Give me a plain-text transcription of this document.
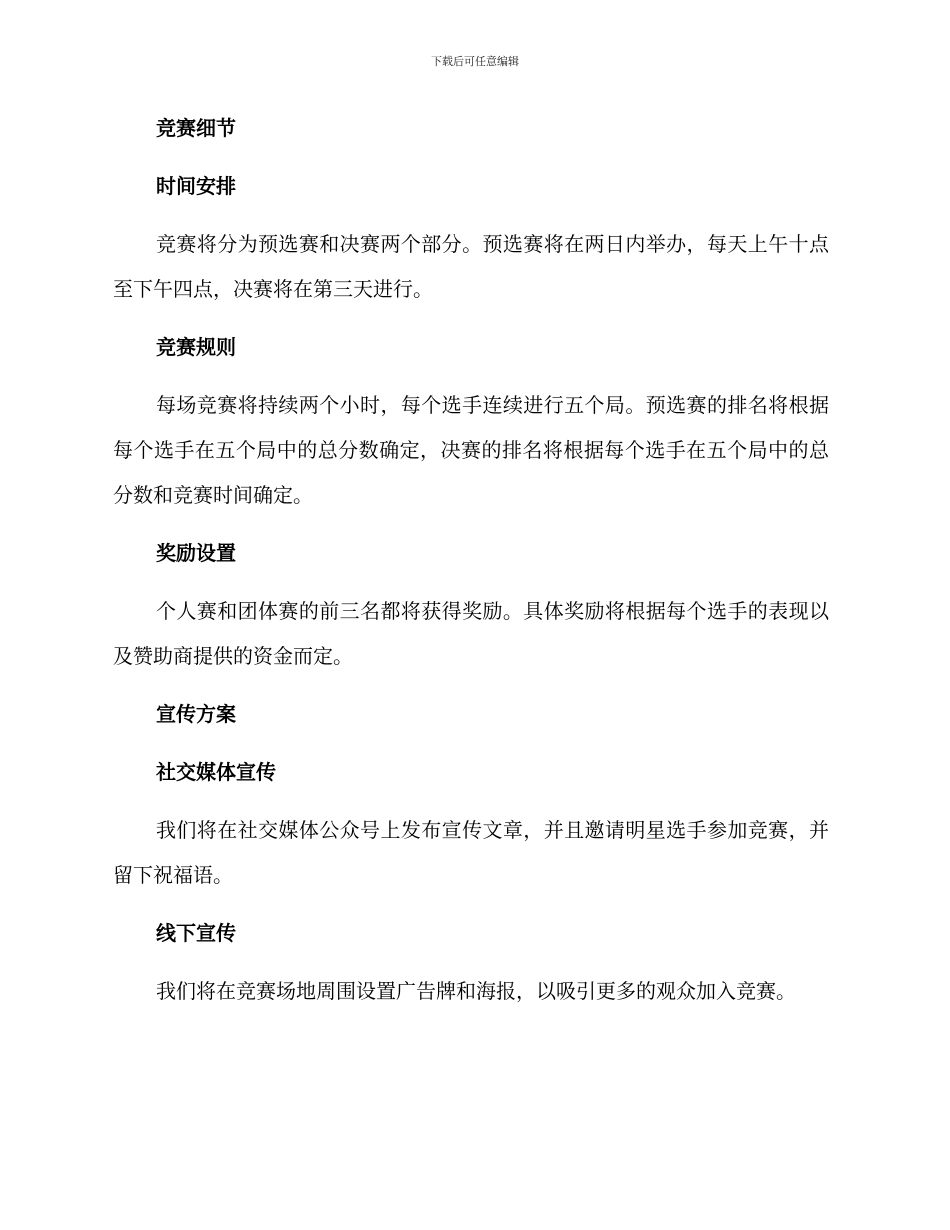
下载后可任意编辑
竞赛细节
时间安排

竞赛将分为预选赛和决赛两个部分。预选赛将在两日内举办，每天上午十点至下午四点，决赛将在第三天进行。

竞赛规则

每场竞赛将持续两个小时，每个选手连续进行五个局。预选赛的排名将根据每个选手在五个局中的总分数确定，决赛的排名将根据每个选手在五个局中的总分数和竞赛时间确定。

奖励设置

个人赛和团体赛的前三名都将获得奖励。具体奖励将根据每个选手的表现以及赞助商提供的资金而定。

宣传方案
社交媒体宣传

我们将在社交媒体公众号上发布宣传文章，并且邀请明星选手参加竞赛，并留下祝福语。

线下宣传

我们将在竞赛场地周围设置广告牌和海报，以吸引更多的观众加入竞赛。
